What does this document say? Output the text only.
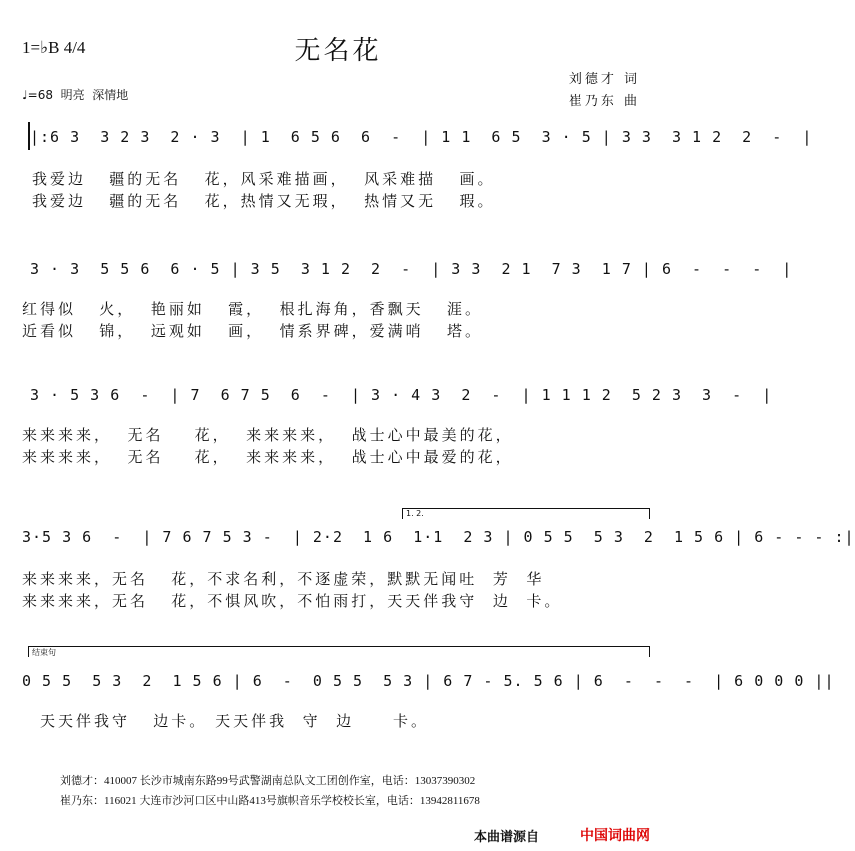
1=♭B 4/4
♩=68  明亮  深情地
无名花
刘德才 词
崔乃东 曲
|:6 3  3 2 3  2 · 3  | 1  6 5 6  6  -  | 1 1  6 5  3 · 5 | 3 3  3 1 2  2  -  |
我爱边   疆的无名   花，风采难描画，  风采难描   画。
我爱边   疆的无名   花，热情又无瑕，  热情又无   瑕。
3 · 3  5 5 6  6 · 5 | 3 5  3 1 2  2  -  | 3 3  2 1  7 3  1 7 | 6  -  -  -  |
红得似   火，  艳丽如   霞，  根扎海角，香飘天   涯。
近看似   锦，  远观如   画，  情系界碑，爱满哨   塔。
3 · 5 3 6  -  | 7  6 7 5  6  -  | 3 · 4 3  2  -  | 1 1 1 2  5 2 3  3  -  |
来来来来，  无名    花，  来来来来，  战士心中最美的花，
来来来来，  无名    花，  来来来来，  战士心中最爱的花，
1. 2.
3·5 3 6  -  | 7 6 7 5 3 -  | 2·2  1 6  1·1  2 3 | 0 5 5  5 3  2  1 5 6 | 6 - - - :|
来来来来，无名   花，不求名利，不逐虚荣，默默无闻吐  芳  华
来来来来，无名   花，不惧风吹，不怕雨打，天天伴我守  边  卡。
结束句
0 5 5  5 3  2  1 5 6 | 6  -  0 5 5  5 3 | 6 7 - 5. 5 6 | 6  -  -  -  | 6 0 0 0 ||
天天伴我守   边卡。 天天伴我  守  边     卡。
刘德才：410007 长沙市城南东路99号武警湖南总队文工团创作室，电话：13037390302
崔乃东：116021 大连市沙河口区中山路413号旗帜音乐学校校长室，电话：13942811678
本曲谱源自	中国词曲网
